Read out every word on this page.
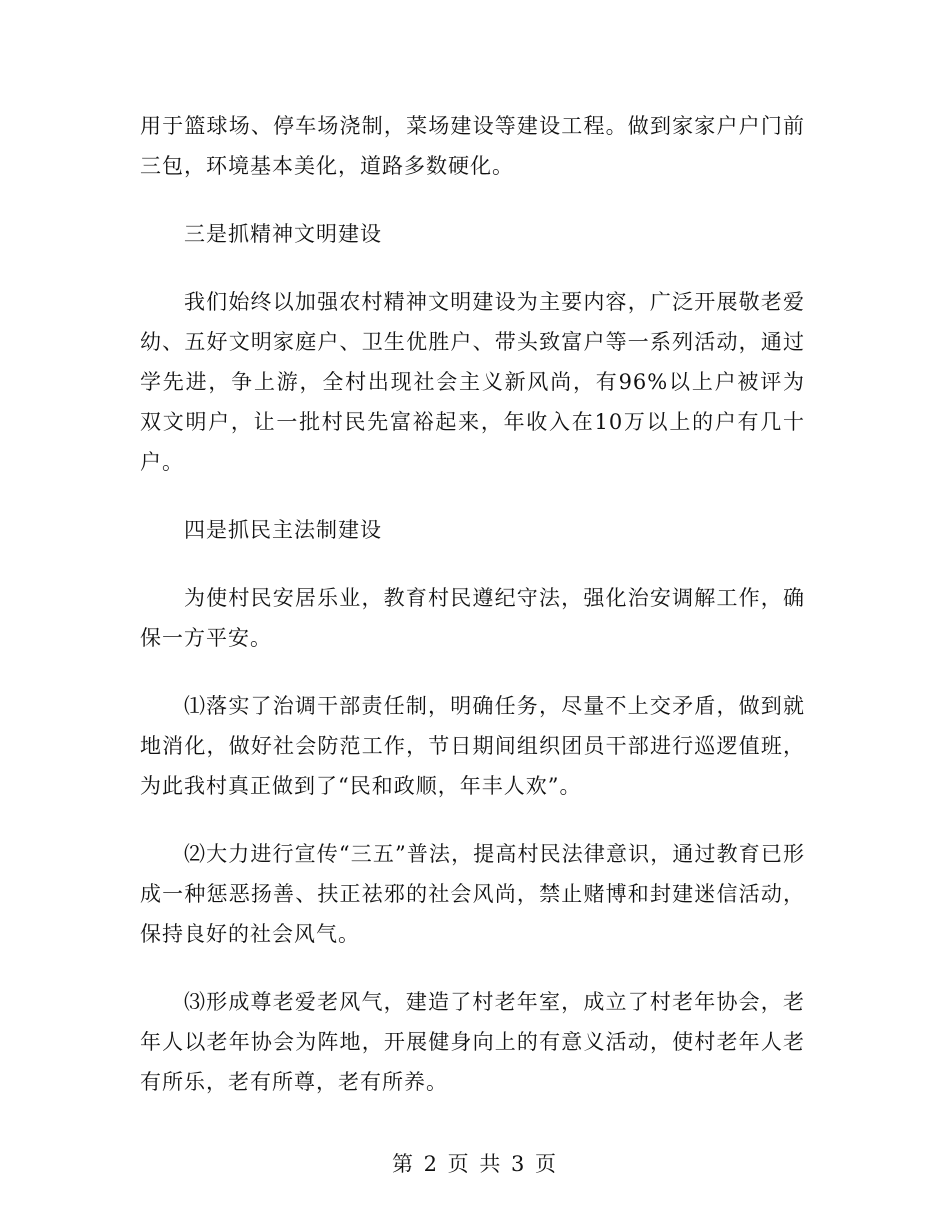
用于篮球场、停车场浇制，菜场建设等建设工程。做到家家户户门前三包，环境基本美化，道路多数硬化。

三是抓精神文明建设

我们始终以加强农村精神文明建设为主要内容，广泛开展敬老爱幼、五好文明家庭户、卫生优胜户、带头致富户等一系列活动，通过学先进，争上游，全村出现社会主义新风尚，有96%以上户被评为双文明户，让一批村民先富裕起来，年收入在10万以上的户有几十户。

四是抓民主法制建设

为使村民安居乐业，教育村民遵纪守法，强化治安调解工作，确保一方平安。

⑴落实了治调干部责任制，明确任务，尽量不上交矛盾，做到就地消化，做好社会防范工作，节日期间组织团员干部进行巡逻值班，为此我村真正做到了“民和政顺，年丰人欢”。

⑵大力进行宣传“三五”普法，提高村民法律意识，通过教育已形成一种惩恶扬善、扶正祛邪的社会风尚，禁止赌博和封建迷信活动，保持良好的社会风气。

⑶形成尊老爱老风气，建造了村老年室，成立了村老年协会，老年人以老年协会为阵地，开展健身向上的有意义活动，使村老年人老有所乐，老有所尊，老有所养。

第 2 页 共 3 页
